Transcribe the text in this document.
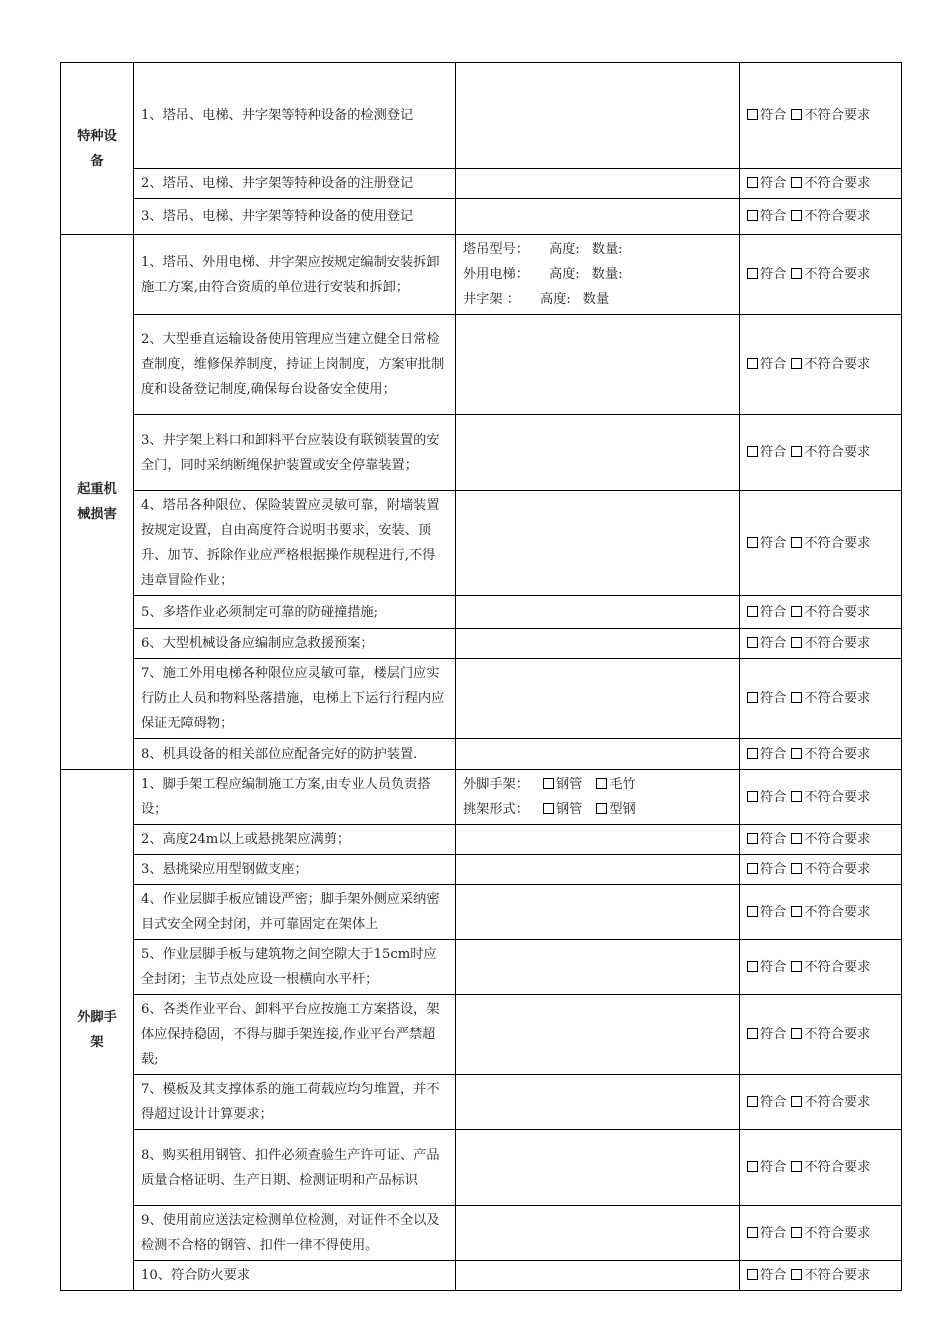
特种设
备	1、塔吊、电梯、井字架等特种设备的检测登记		符合 不符合要求
	2、塔吊、电梯、井字架等特种设备的注册登记		符合 不符合要求
	3、塔吊、电梯、井字架等特种设备的使用登记		符合 不符合要求

起重机
械损害	1、塔吊、外用电梯、井字架应按规定编制安装拆卸施工方案,由符合资质的单位进行安装和拆卸；	塔吊型号： 高度: 数量:
外用电梯： 高度: 数量:
井字架 ： 高度: 数量	符合 不符合要求
	2、大型垂直运输设备使用管理应当建立健全日常检查制度，维修保养制度，持证上岗制度，方案审批制度和设备登记制度,确保每台设备安全使用；		符合 不符合要求
	3、井字架上料口和卸料平台应装设有联锁装置的安全门，同时采纳断绳保护装置或安全停靠装置；		符合 不符合要求
	4、塔吊各种限位、保险装置应灵敏可靠，附墙装置按规定设置，自由高度符合说明书要求，安装、顶升、加节、拆除作业应严格根据操作规程进行,不得违章冒险作业；		符合 不符合要求
	5、多塔作业必须制定可靠的防碰撞措施;		符合 不符合要求
	6、大型机械设备应编制应急救援预案；		符合 不符合要求
	7、施工外用电梯各种限位应灵敏可靠，楼层门应实行防止人员和物料坠落措施，电梯上下运行行程内应保证无障碍物；		符合 不符合要求
	8、机具设备的相关部位应配备完好的防护装置.		符合 不符合要求

外脚手
架	1、脚手架工程应编制施工方案,由专业人员负责搭设；	外脚手架： 钢管 毛竹
挑架形式： 钢管 型钢	符合 不符合要求
	2、高度24m以上或悬挑架应满剪；		符合 不符合要求
	3、悬挑梁应用型钢做支座；		符合 不符合要求
	4、作业层脚手板应铺设严密；脚手架外侧应采纳密目式安全网全封闭，并可靠固定在架体上		符合 不符合要求
	5、作业层脚手板与建筑物之间空隙大于15cm时应全封闭；主节点处应设一根横向水平杆；		符合 不符合要求
	6、各类作业平台、卸料平台应按施工方案搭设，架体应保持稳固，不得与脚手架连接,作业平台严禁超载;		符合 不符合要求
	7、模板及其支撑体系的施工荷载应均匀堆置，并不得超过设计计算要求；		符合 不符合要求
	8、购买租用钢管、扣件必须查验生产许可证、产品质量合格证明、生产日期、检测证明和产品标识		符合 不符合要求
	9、使用前应送法定检测单位检测，对证件不全以及检测不合格的钢管、扣件一律不得使用。		符合 不符合要求
	10、符合防火要求		符合 不符合要求
